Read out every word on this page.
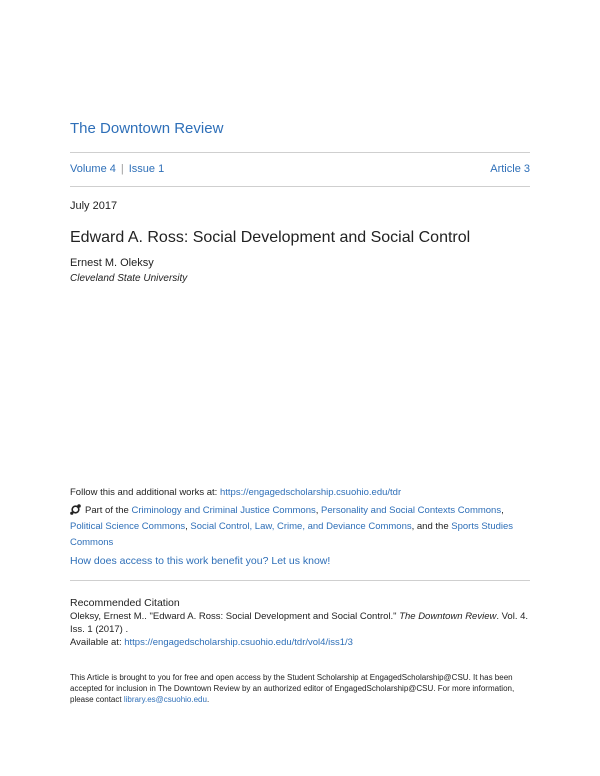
The Downtown Review
Volume 4 | Issue 1	Article 3
July 2017
Edward A. Ross: Social Development and Social Control
Ernest M. Oleksy
Cleveland State University
Follow this and additional works at: https://engagedscholarship.csuohio.edu/tdr
Part of the Criminology and Criminal Justice Commons, Personality and Social Contexts Commons, Political Science Commons, Social Control, Law, Crime, and Deviance Commons, and the Sports Studies Commons
How does access to this work benefit you? Let us know!
Recommended Citation
Oleksy, Ernest M.. "Edward A. Ross: Social Development and Social Control." The Downtown Review. Vol. 4. Iss. 1 (2017) .
Available at: https://engagedscholarship.csuohio.edu/tdr/vol4/iss1/3
This Article is brought to you for free and open access by the Student Scholarship at EngagedScholarship@CSU. It has been accepted for inclusion in The Downtown Review by an authorized editor of EngagedScholarship@CSU. For more information, please contact library.es@csuohio.edu.
